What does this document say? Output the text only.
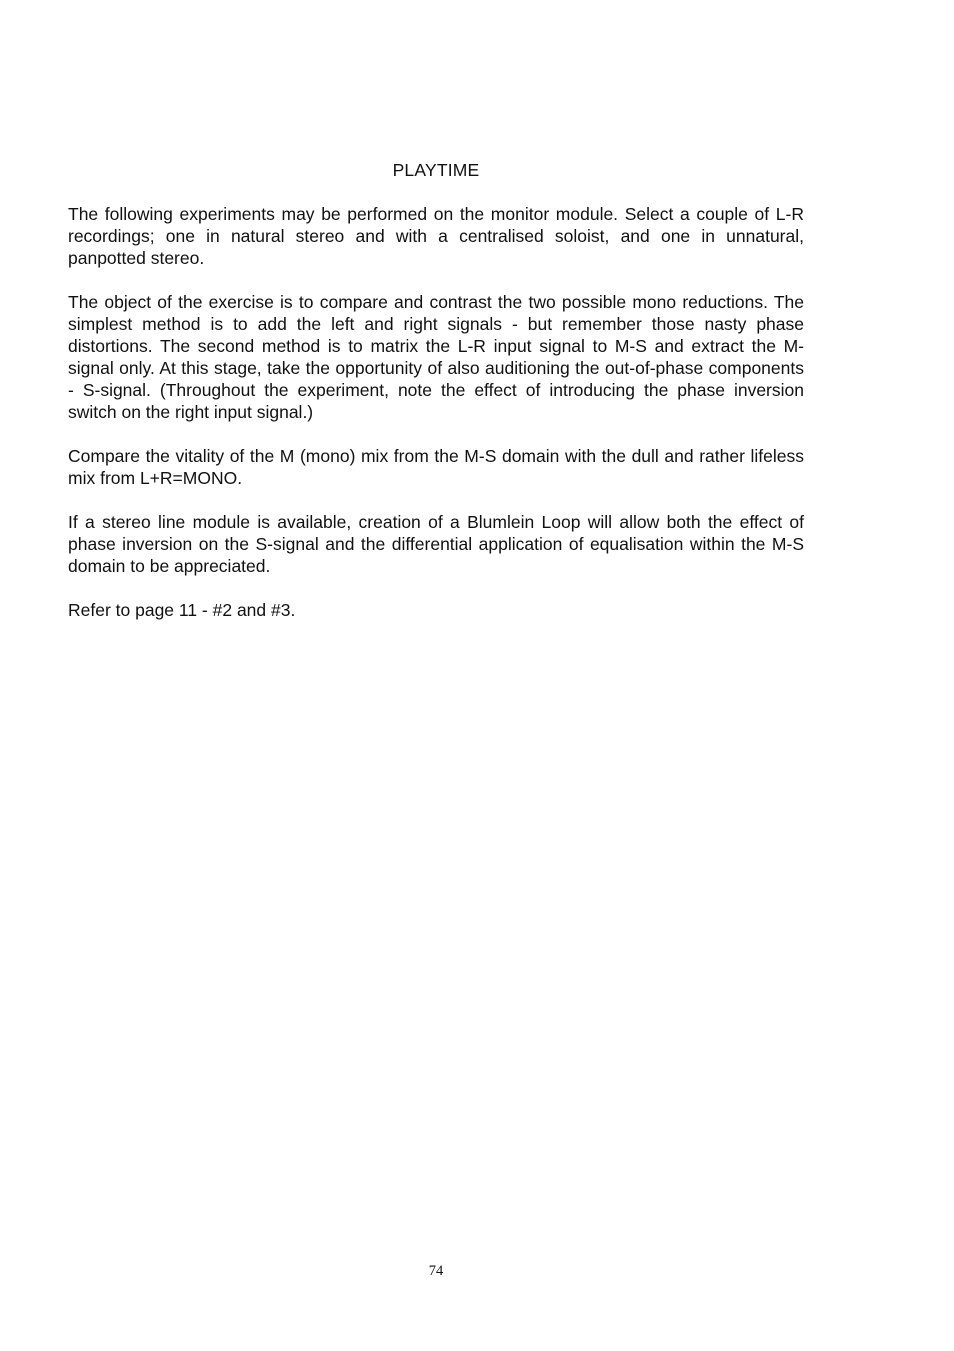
PLAYTIME

The following experiments may be performed on the monitor module. Select a couple of L-R recordings; one in natural stereo and with a centralised soloist, and one in unnatural, panpotted stereo.

The object of the exercise is to compare and contrast the two possible mono reductions. The simplest method is to add the left and right signals - but remember those nasty phase distortions. The second method is to matrix the L-R input signal to M-S and extract the M-signal only. At this stage, take the opportunity of also auditioning the out-of-phase components - S-signal. (Throughout the experiment, note the effect of introducing the phase inversion switch on the right input signal.)

Compare the vitality of the M (mono) mix from the M-S domain with the dull and rather lifeless mix from L+R=MONO.

If a stereo line module is available, creation of a Blumlein Loop will allow both the effect of phase inversion on the S-signal and the differential application of equalisation within the M-S domain to be appreciated.

Refer to page 11 - #2 and #3.

74
